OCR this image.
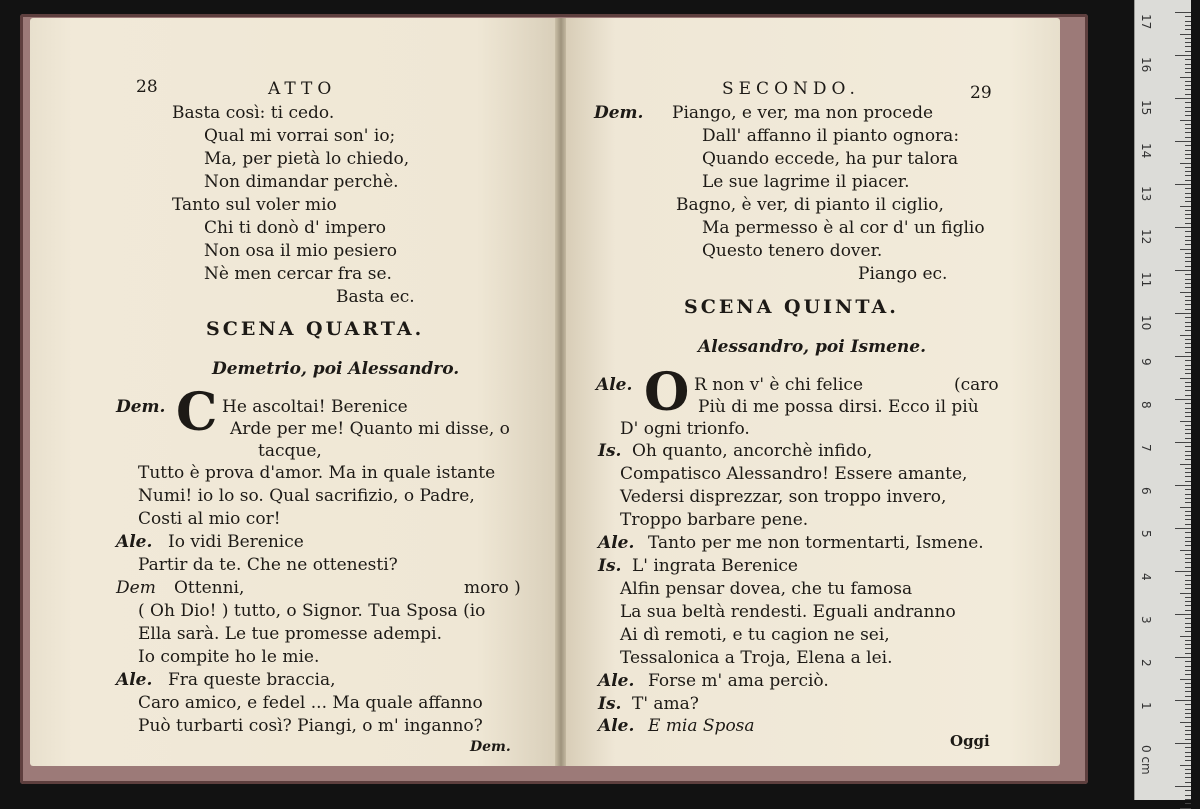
28	ATTO
Basta così: ti cedo.
Qual mi vorrai son' io;
Ma, per pietà lo chiedo,
Non dimandar perchè.
Tanto sul voler mio
Chi ti donò d' impero
Non osa il mio pesiero
Nè men cercar fra se.
Basta ec.
SCENA QUARTA.
Demetrio, poi Alessandro.
Dem. C He ascoltai! Berenice
Arde per me! Quanto mi disse, o
tacque,
Tutto è prova d'amor. Ma in quale istante
Numi! io lo so. Qual sacrifizio, o Padre,
Costi al mio cor!
Ale. Io vidi Berenice
Partir da te. Che ne ottenesti?
Dem Ottenni,	moro )
( Oh Dio! ) tutto, o Signor. Tua Sposa (io
Ella sarà. Le tue promesse adempi.
Io compite ho le mie.
Ale. Fra queste braccia,
Caro amico, e fedel ... Ma quale affanno
Può turbarti così? Piangi, o m' inganno?
Dem.
SECONDO.	29
Dem. Piango, e ver, ma non procede
Dall' affanno il pianto ognora:
Quando eccede, ha pur talora
Le sue lagrime il piacer.
Bagno, è ver, di pianto il ciglio,
Ma permesso è al cor d' un figlio
Questo tenero dover.
Piango ec.
SCENA QUINTA.
Alessandro, poi Ismene.
Ale. O R non v' è chi felice	(caro
Più di me possa dirsi. Ecco il più
D' ogni trionfo.
Is. Oh quanto, ancorchè infido,
Compatisco Alessandro! Essere amante,
Vedersi disprezzar, son troppo invero,
Troppo barbare pene.
Ale. Tanto per me non tormentarti, Ismene.
Is. L' ingrata Berenice
Alfin pensar dovea, che tu famosa
La sua beltà rendesti. Eguali andranno
Ai dì remoti, e tu cagion ne sei,
Tessalonica a Troja, Elena a lei.
Ale. Forse m' ama perciò.
Is. T' ama?
Ale. E mia Sposa
Oggi
17
16
15
14
13
12
11
10
9
8
7
6
5
4
3
2
1
0 cm
